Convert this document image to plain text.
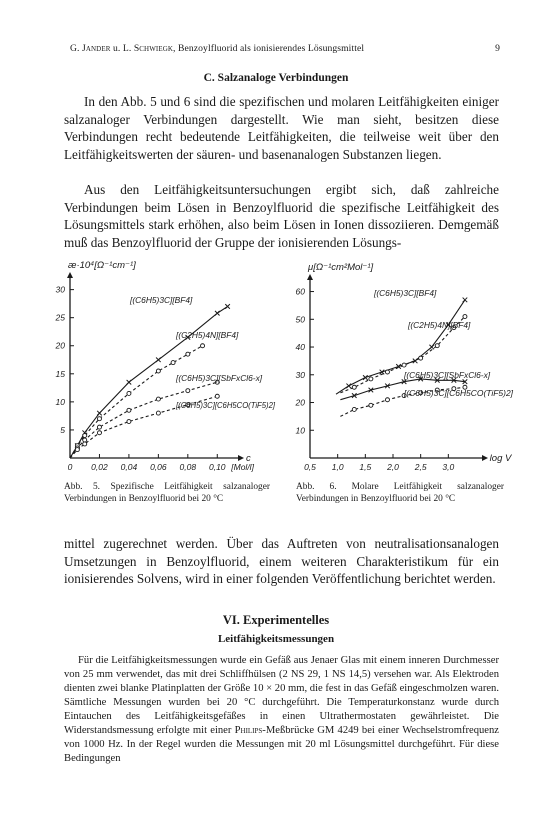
G. Jander u. L. Schwiegk, Benzoylfluorid als ionisierendes Lösungsmittel	9
C. Salzanaloge Verbindungen

In den Abb. 5 und 6 sind die spezifischen und molaren Leitfähigkeiten einiger salzanaloger Verbindungen dargestellt. Wie man sieht, besitzen diese Verbindungen recht bedeutende Leitfähigkeiten, die teilweise weit über den Leitfähigkeitswerten der säuren- und basenanalogen Substanzen liegen.

Aus den Leitfähigkeitsuntersuchungen ergibt sich, daß zahlreiche Verbindungen beim Lösen in Benzoylfluorid die spezifische Leitfähigkeit des Lösungsmittels stark erhöhen, also beim Lösen in Ionen dissoziieren. Demgemäß muß das Benzoylfluorid der Gruppe der ionisierenden Lösungs-

æ·10⁴[Ω⁻¹cm⁻¹]
c
5
10
15
20
25
30
0 0,02 0,04 0,06 0,08 0,10 [Mol/l]
[(C6H5)3C][BF4]
[(C2H5)4N][BF4]
[(C6H5)3C][SbFxCl6-x]
[(C6H5)3C][C6H5CO(TiF5)2]
μ[Ω⁻¹cm²Mol⁻¹]
log V
10
20
30
40
50
60
0,5 1,0 1,5 2,0 2,5 3,0
[(C6H5)3C][BF4]
[(C2H5)4N][BF4]
[(C6H5)3C][SbFxCl6-x]
[(C6H5)3C][C6H5CO(TiF5)2]

Abb. 5. Spezifische Leitfähigkeit salzanaloger Verbindungen in Benzoylfluorid bei 20 °C

Abb. 6. Molare Leitfähigkeit salzanaloger Verbindungen in Benzoylfluorid bei 20 °C

mittel zugerechnet werden. Über das Auftreten von neutralisationsanalogen Umsetzungen in Benzoylfluorid, einem weiteren Charakteristikum für ein ionisierendes Solvens, wird in einer folgenden Veröffentlichung berichtet werden.

VI. Experimentelles
Leitfähigkeitsmessungen

Für die Leitfähigkeitsmessungen wurde ein Gefäß aus Jenaer Glas mit einem inneren Durchmesser von 25 mm verwendet, das mit drei Schliffhülsen (2 NS 29, 1 NS 14,5) versehen war. Als Elektroden dienten zwei blanke Platinplatten der Größe 10 × 20 mm, die fest in das Gefäß eingeschmolzen waren. Sämtliche Messungen wurden bei 20 °C durchgeführt. Die Temperaturkonstanz wurde durch Eintauchen des Leitfähigkeitsgefäßes in einen Ultrathermostaten gewährleistet. Die Widerstandsmessung erfolgte mit einer Philips-Meßbrücke GM 4249 bei einer Wechselstromfrequenz von 1000 Hz. In der Regel wurden die Messungen mit 20 ml Lösungsmittel durchgeführt. Für diese Bedingungen
